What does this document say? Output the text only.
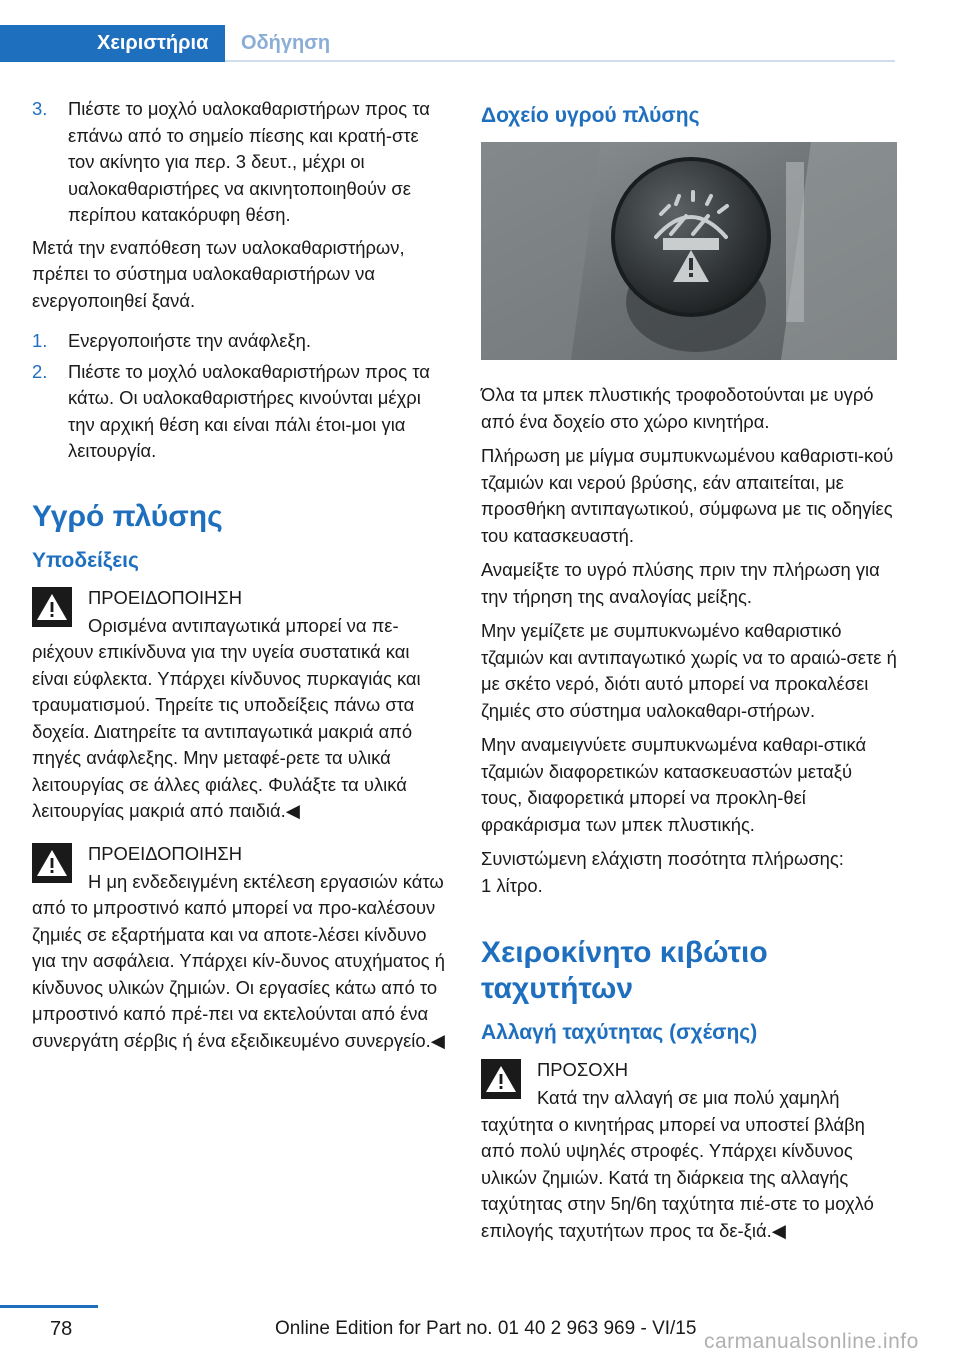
Χειριστήρια	Οδήγηση
3.	Πιέστε το μοχλό υαλοκαθαριστήρων προς τα επάνω από το σημείο πίεσης και κρατή-στε τον ακίνητο για περ. 3 δευτ., μέχρι οι υαλοκαθαριστήρες να ακινητοποιηθούν σε περίπου κατακόρυφη θέση.

Μετά την εναπόθεση των υαλοκαθαριστήρων, πρέπει το σύστημα υαλοκαθαριστήρων να ενεργοποιηθεί ξανά.

1.	Ενεργοποιήστε την ανάφλεξη.
2.	Πιέστε το μοχλό υαλοκαθαριστήρων προς τα κάτω. Οι υαλοκαθαριστήρες κινούνται μέχρι την αρχική θέση και είναι πάλι έτοι-μοι για λειτουργία.
Υγρό πλύσης
Υποδείξεις
ΠΡΟΕΙΔΟΠΟΙΗΣΗ

Ορισμένα αντιπαγωτικά μπορεί να πε-ριέχουν επικίνδυνα για την υγεία συστατικά και είναι εύφλεκτα. Υπάρχει κίνδυνος πυρκαγιάς και τραυματισμού. Τηρείτε τις υποδείξεις πάνω στα δοχεία. Διατηρείτε τα αντιπαγωτικά μακριά από πηγές ανάφλεξης. Μην μεταφέ-ρετε τα υλικά λειτουργίας σε άλλες φιάλες. Φυλάξτε τα υλικά λειτουργίας μακριά από παιδιά.◀

ΠΡΟΕΙΔΟΠΟΙΗΣΗ

Η μη ενδεδειγμένη εκτέλεση εργασιών κάτω από το μπροστινό καπό μπορεί να προ-καλέσουν ζημιές σε εξαρτήματα και να αποτε-λέσει κίνδυνο για την ασφάλεια. Υπάρχει κίν-δυνος ατυχήματος ή κίνδυνος υλικών ζημιών. Οι εργασίες κάτω από το μπροστινό καπό πρέ-πει να εκτελούνται από ένα συνεργάτη σέρβις ή ένα εξειδικευμένο συνεργείο.◀

Δοχείο υγρού πλύσης

Όλα τα μπεκ πλυστικής τροφοδοτούνται με υγρό από ένα δοχείο στο χώρο κινητήρα.

Πλήρωση με μίγμα συμπυκνωμένου καθαριστι-κού τζαμιών και νερού βρύσης, εάν απαιτείται, με προσθήκη αντιπαγωτικού, σύμφωνα με τις οδηγίες του κατασκευαστή.

Αναμείξτε το υγρό πλύσης πριν την πλήρωση για την τήρηση της αναλογίας μείξης.

Μην γεμίζετε με συμπυκνωμένο καθαριστικό τζαμιών και αντιπαγωτικό χωρίς να το αραιώ-σετε ή με σκέτο νερό, διότι αυτό μπορεί να προκαλέσει ζημιές στο σύστημα υαλοκαθαρι-στήρων.

Μην αναμειγνύετε συμπυκνωμένα καθαρι-στικά τζαμιών διαφορετικών κατασκευαστών μεταξύ τους, διαφορετικά μπορεί να προκλη-θεί φρακάρισμα των μπεκ πλυστικής.

Συνιστώμενη ελάχιστη ποσότητα πλήρωσης: 1 λίτρο.

Χειροκίνητο κιβώτιο ταχυτήτων
Αλλαγή ταχύτητας (σχέσης)
ΠΡΟΣΟΧΗ

Κατά την αλλαγή σε μια πολύ χαμηλή ταχύτητα ο κινητήρας μπορεί να υποστεί βλάβη από πολύ υψηλές στροφές. Υπάρχει κίνδυνος υλικών ζημιών. Κατά τη διάρκεια της αλλαγής ταχύτητας στην 5η/6η ταχύτητα πιέ-στε το μοχλό επιλογής ταχυτήτων προς τα δε-ξιά.◀

78	Online Edition for Part no. 01 40 2 963 969 - VI/15
carmanualsonline.info
